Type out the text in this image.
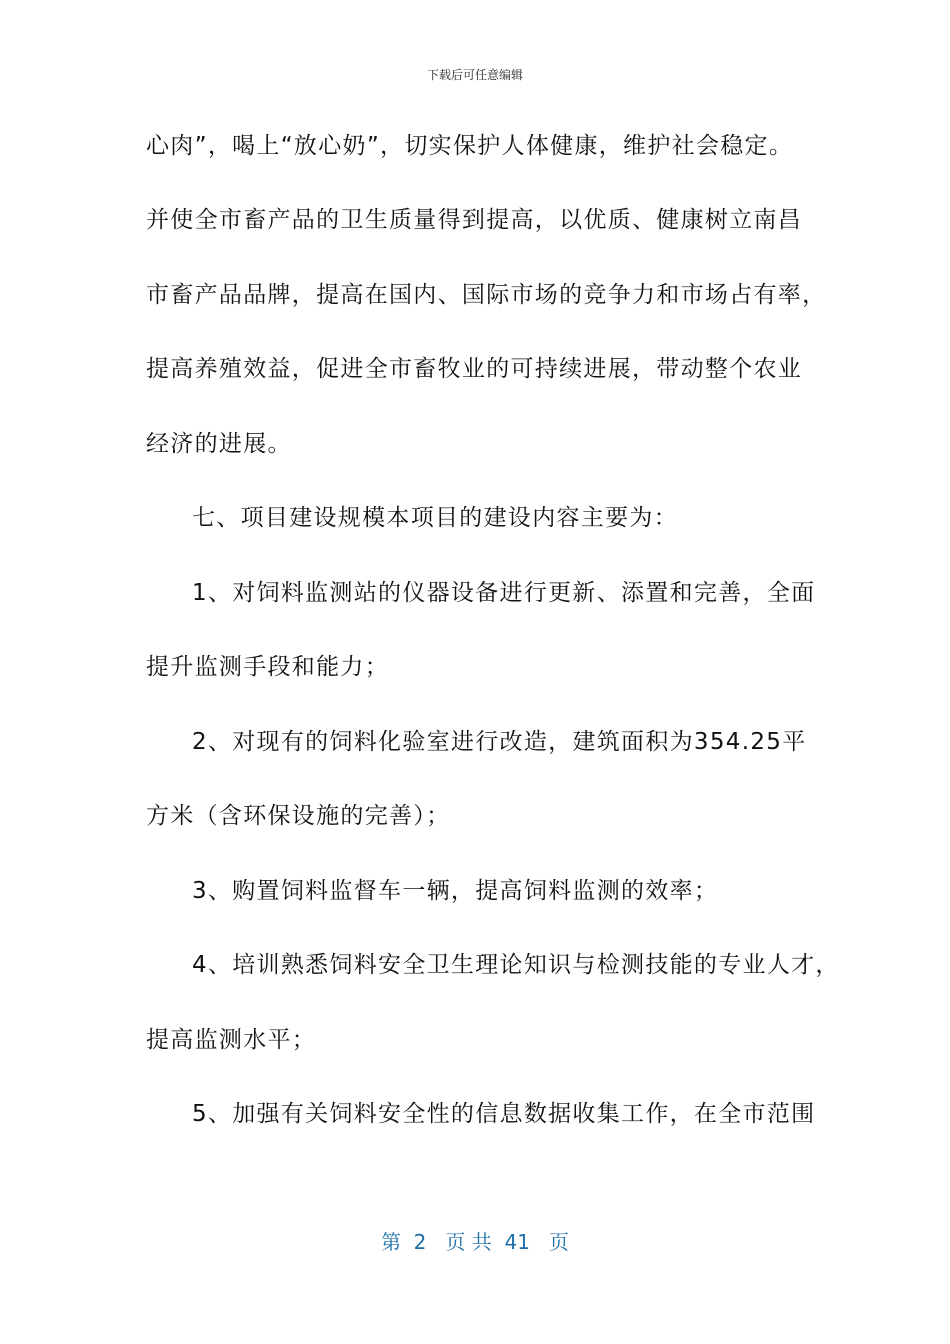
下载后可任意编辑
心肉”，喝上“放心奶”，切实保护人体健康，维护社会稳定。
并使全市畜产品的卫生质量得到提高，以优质、健康树立南昌
市畜产品品牌，提高在国内、国际市场的竞争力和市场占有率，
提高养殖效益，促进全市畜牧业的可持续进展，带动整个农业
经济的进展。
七、项目建设规模本项目的建设内容主要为：
1、对饲料监测站的仪器设备进行更新、添置和完善，全面
提升监测手段和能力；
2、对现有的饲料化验室进行改造，建筑面积为354.25平
方米（含环保设施的完善）；
3、购置饲料监督车一辆，提高饲料监测的效率；
4、培训熟悉饲料安全卫生理论知识与检测技能的专业人才，
提高监测水平；
5、加强有关饲料安全性的信息数据收集工作，在全市范围
第  2   页 共  41   页
